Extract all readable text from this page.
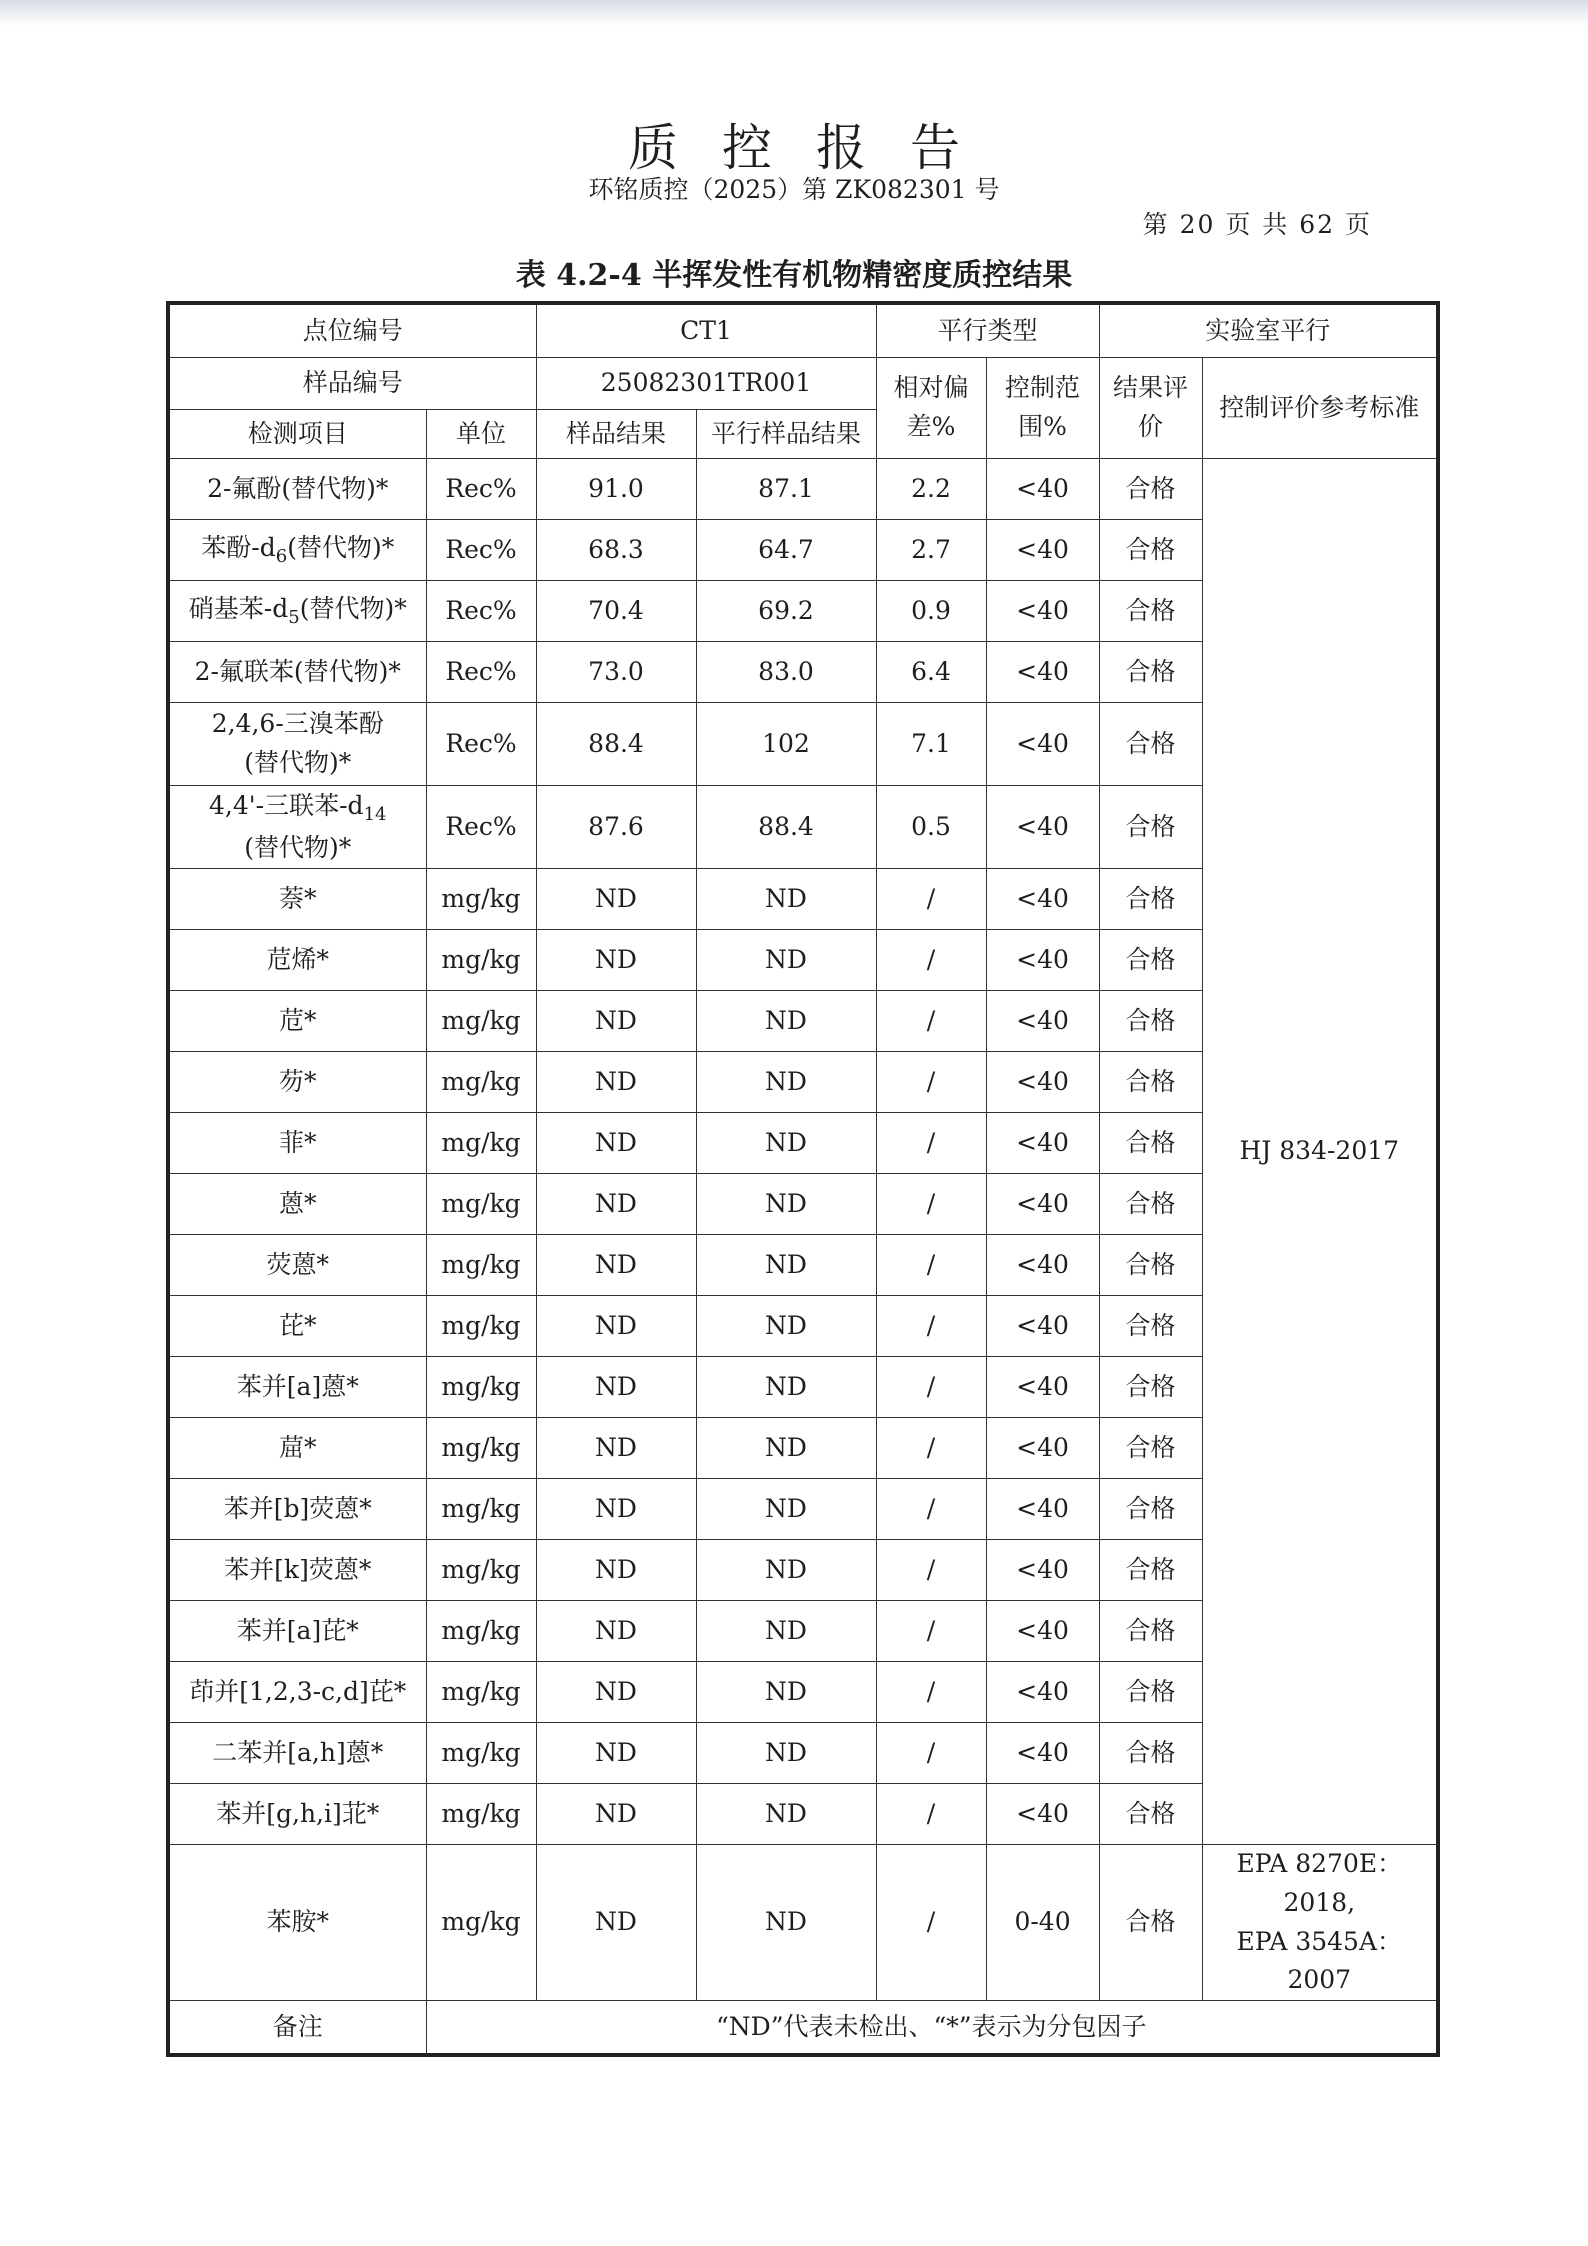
质控报告
环铭质控（2025）第 ZK082301 号
第 20 页 共 62 页
表 4.2-4 半挥发性有机物精密度质控结果
点位编号		CT1		平行类型		实验室平行	
样品编号		25082301TR001		相对偏差%	控制范围%	结果评价	控制评价参考标准
检测项目	单位	样品结果	平行样品结果				
2-氟酚(替代物)*	Rec%	91.0	87.1	2.2	<40	合格	HJ 834-2017
苯酚$-d_6$(替代物)*	Rec%	68.3	64.7	2.7	<40	合格	
硝基苯$-d_5$(替代物)*	Rec%	70.4	69.2	0.9	<40	合格	
2-氟联苯(替代物)*	Rec%	73.0	83.0	6.4	<40	合格	
2,4,6-三溴苯酚
(替代物)*	Rec%	88.4	102	7.1	<40	合格	
4,4'-三联苯$-d_{14}$
(替代物)*	Rec%	87.6	88.4	0.5	<40	合格	
萘*	mg/kg	ND	ND	/	<40	合格	
苊烯*	mg/kg	ND	ND	/	<40	合格	
苊*	mg/kg	ND	ND	/	<40	合格	
芴*	mg/kg	ND	ND	/	<40	合格	
菲*	mg/kg	ND	ND	/	<40	合格	
蒽*	mg/kg	ND	ND	/	<40	合格	
荧蒽*	mg/kg	ND	ND	/	<40	合格	
芘*	mg/kg	ND	ND	/	<40	合格	
苯并[a]蒽*	mg/kg	ND	ND	/	<40	合格	
䓛*	mg/kg	ND	ND	/	<40	合格	
苯并[b]荧蒽*	mg/kg	ND	ND	/	<40	合格	
苯并[k]荧蒽*	mg/kg	ND	ND	/	<40	合格	
苯并[a]芘*	mg/kg	ND	ND	/	<40	合格	
茚并[1,2,3-c,d]芘*	mg/kg	ND	ND	/	<40	合格	
二苯并[a,h]蒽*	mg/kg	ND	ND	/	<40	合格	
苯并[g,h,i]苝*	mg/kg	ND	ND	/	<40	合格	
苯胺*	mg/kg	ND	ND	/	0-40	合格	EPA 8270E：2018,
EPA 3545A：2007
备注	“ND”代表未检出、“*”表示为分包因子						
